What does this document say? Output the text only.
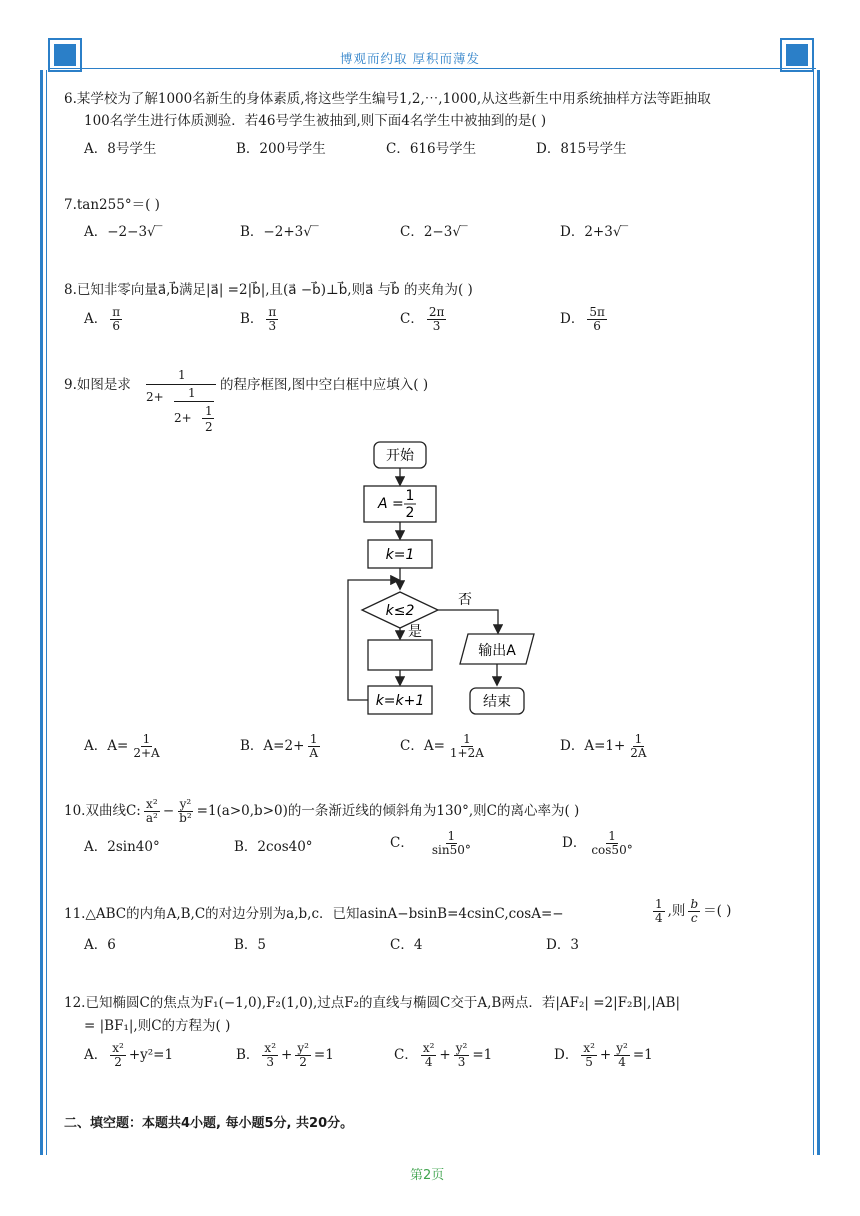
博观而约取 厚积而薄发
6.某学校为了解1000名新生的身体素质,将这些学生编号1,2,⋯,1000,从这些新生中用系统抽样方法等距抽取
100名学生进行体质测验．若46号学生被抽到,则下面4名学生中被抽到的是( )
A．8号学生	B．200号学生	C．616号学生	D．815号学生
7.tan255°＝( )
A．−2−3√‾	B．−2+3√‾	C．2−3√‾	D．2+3√‾
8.已知非零向量a⃗,b⃗满足|a⃗| =2|b⃗|,且(a⃗ −b⃗)⊥b⃗,则a⃗ 与b⃗ 的夹角为( )
A． $\frac{\pi}{6}$	B． $\frac{\pi}{3}$	C． $\frac{2\pi}{3}$	D． $\frac{5\pi}{6}$
9.如图是求
1
2+ 1
2+ 1
2
的程序框图,图中空白框中应填入( )
开始
A = 1
2
k=1
k≤2
否
是
k=k+1
输出A
结束
A．$A= \frac{1}{2+A}$	B．$A=2+ \frac{1}{A}$	C．$A= \frac{1}{1+2A}$	D．$A=1+ \frac{1}{2A}$
10.双曲线C: $\frac{\text{x²}}{\text{a²}} - \frac{\text{y²}}{\text{b²}} =1(a>0,b>0)$的一条渐近线的倾斜角为130°,则C的离心率为( )
A．2sin40°	B．2cos40°	C． $\frac{1}{\sin 50^\circ}$	D． $\frac{1}{\cos 50^\circ}$
11.△ABC的内角A,B,C的对边分别为a,b,c．已知asinA−bsinB=4csinC,cosA=−	$\frac{1}{4}$ ,则 $\frac{b}{c}$ ＝( )
A．6	B．5	C．4	D．3
12.已知椭圆C的焦点为F₁(−1,0),F₂(1,0),过点F₂的直线与椭圆C交于A,B两点．若|AF₂| =2|F₂B|,|AB|
= |BF₁|,则C的方程为( )
A． $\frac{\text{x²}}{2} +y^2=1$	B． $\frac{\text{x²}}{3} + \frac{\text{y²}}{2} =1$	C． $\frac{\text{x²}}{4} + \frac{\text{y²}}{3} =1$	D． $\frac{\text{x²}}{5} + \frac{\text{y²}}{4} =1$
二、填空题：本题共4小题, 每小题5分, 共20分。
第2页
